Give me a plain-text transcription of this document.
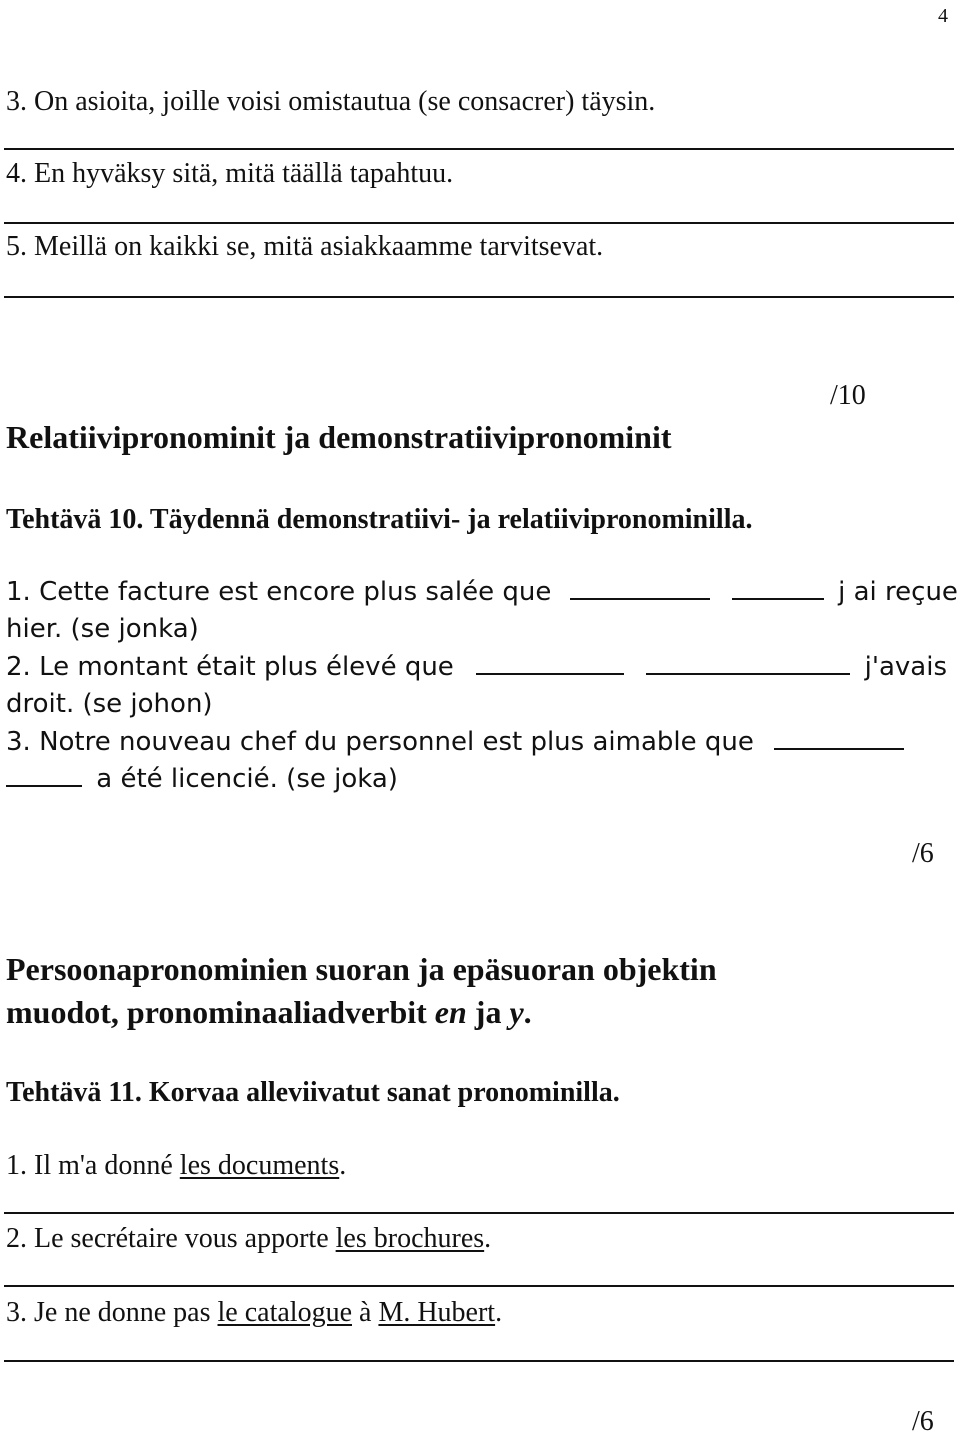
4
3. On asioita, joille voisi omistautua (se consacrer) täysin.
4. En hyväksy sitä, mitä täällä tapahtuu.
5. Meillä on kaikki se, mitä asiakkaamme tarvitsevat.
/10
Relatiivipronominit ja demonstratiivipronominit
Tehtävä 10. Täydennä demonstratiivi- ja relatiivipronominilla.
1. Cette facture est encore plus salée que	j ai reçue
hier. (se jonka)
2. Le montant était plus élevé que	j'avais
droit. (se johon)
3. Notre nouveau chef du personnel est plus aimable que
a été licencié. (se joka)
/6
Persoonapronominien suoran ja epäsuoran objektin
muodot, pronominaaliadverbit en ja y.
Tehtävä 11. Korvaa alleviivatut sanat pronominilla.
1. Il m'a donné les documents.
2. Le secrétaire vous apporte les brochures.
3. Je ne donne pas le catalogue à M. Hubert.
/6
